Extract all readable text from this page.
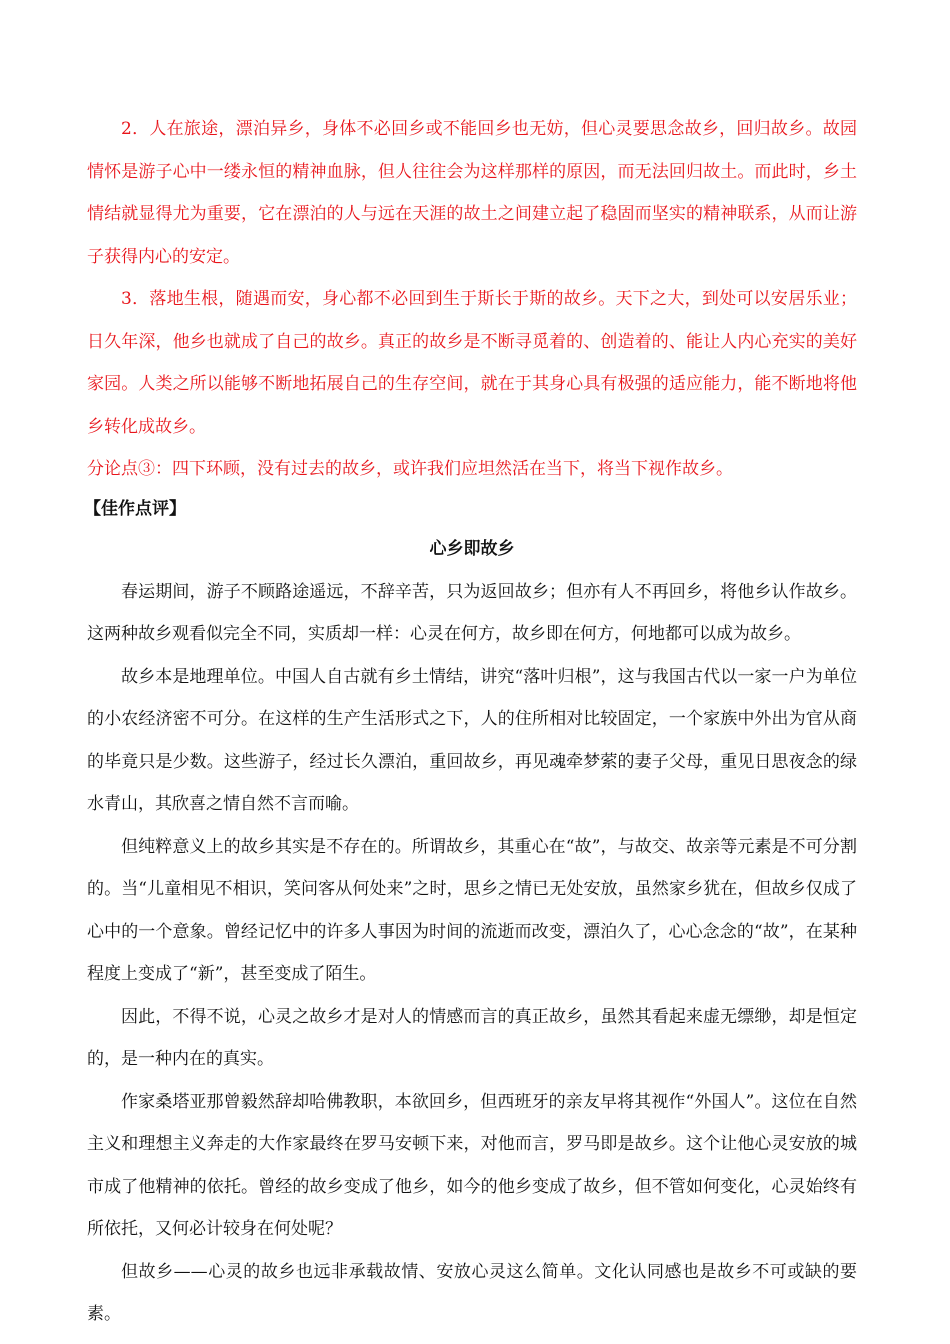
2．人在旅途，漂泊异乡，身体不必回乡或不能回乡也无妨，但心灵要思念故乡，回归故乡。故园情怀是游子心中一缕永恒的精神血脉，但人往往会为这样那样的原因，而无法回归故土。而此时，乡土情结就显得尤为重要，它在漂泊的人与远在天涯的故土之间建立起了稳固而坚实的精神联系，从而让游子获得内心的安定。

3．落地生根，随遇而安，身心都不必回到生于斯长于斯的故乡。天下之大，到处可以安居乐业；日久年深，他乡也就成了自己的故乡。真正的故乡是不断寻觅着的、创造着的、能让人内心充实的美好家园。人类之所以能够不断地拓展自己的生存空间，就在于其身心具有极强的适应能力，能不断地将他乡转化成故乡。

分论点③：四下环顾，没有过去的故乡，或许我们应坦然活在当下，将当下视作故乡。

【佳作点评】
心乡即故乡

春运期间，游子不顾路途遥远，不辞辛苦，只为返回故乡；但亦有人不再回乡，将他乡认作故乡。这两种故乡观看似完全不同，实质却一样：心灵在何方，故乡即在何方，何地都可以成为故乡。

故乡本是地理单位。中国人自古就有乡土情结，讲究“落叶归根”，这与我国古代以一家一户为单位的小农经济密不可分。在这样的生产生活形式之下，人的住所相对比较固定，一个家族中外出为官从商的毕竟只是少数。这些游子，经过长久漂泊，重回故乡，再见魂牵梦萦的妻子父母，重见日思夜念的绿水青山，其欣喜之情自然不言而喻。

但纯粹意义上的故乡其实是不存在的。所谓故乡，其重心在“故”，与故交、故亲等元素是不可分割的。当“儿童相见不相识，笑问客从何处来”之时，思乡之情已无处安放，虽然家乡犹在，但故乡仅成了心中的一个意象。曾经记忆中的许多人事因为时间的流逝而改变，漂泊久了，心心念念的“故”，在某种程度上变成了“新”，甚至变成了陌生。

因此，不得不说，心灵之故乡才是对人的情感而言的真正故乡，虽然其看起来虚无缥缈，却是恒定的，是一种内在的真实。

作家桑塔亚那曾毅然辞却哈佛教职，本欲回乡，但西班牙的亲友早将其视作“外国人”。这位在自然主义和理想主义奔走的大作家最终在罗马安顿下来，对他而言，罗马即是故乡。这个让他心灵安放的城市成了他精神的依托。曾经的故乡变成了他乡，如今的他乡变成了故乡，但不管如何变化，心灵始终有所依托，又何必计较身在何处呢？

但故乡——心灵的故乡也远非承载故情、安放心灵这么简单。文化认同感也是故乡不可或缺的要素。
